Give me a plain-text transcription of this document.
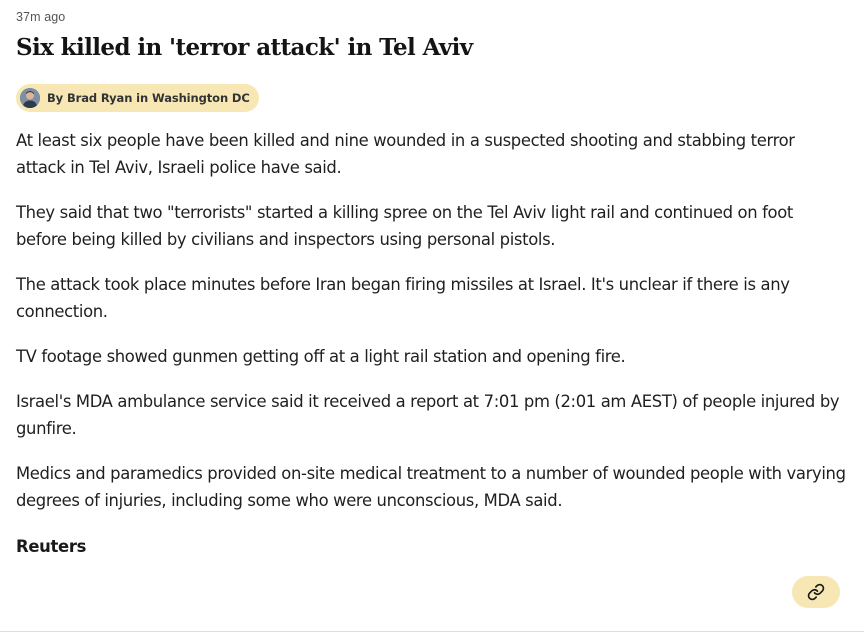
37m ago
Six killed in 'terror attack' in Tel Aviv
By Brad Ryan in Washington DC

At least six people have been killed and nine wounded in a suspected shooting and stabbing terror attack in Tel Aviv, Israeli police have said.

They said that two "terrorists" started a killing spree on the Tel Aviv light rail and continued on foot before being killed by civilians and inspectors using personal pistols.

The attack took place minutes before Iran began firing missiles at Israel. It's unclear if there is any connection.

TV footage showed gunmen getting off at a light rail station and opening fire.

Israel's MDA ambulance service said it received a report at 7:01 pm (2:01 am AEST) of people injured by gunfire.

Medics and paramedics provided on-site medical treatment to a number of wounded people with varying degrees of injuries, including some who were unconscious, MDA said.

Reuters
